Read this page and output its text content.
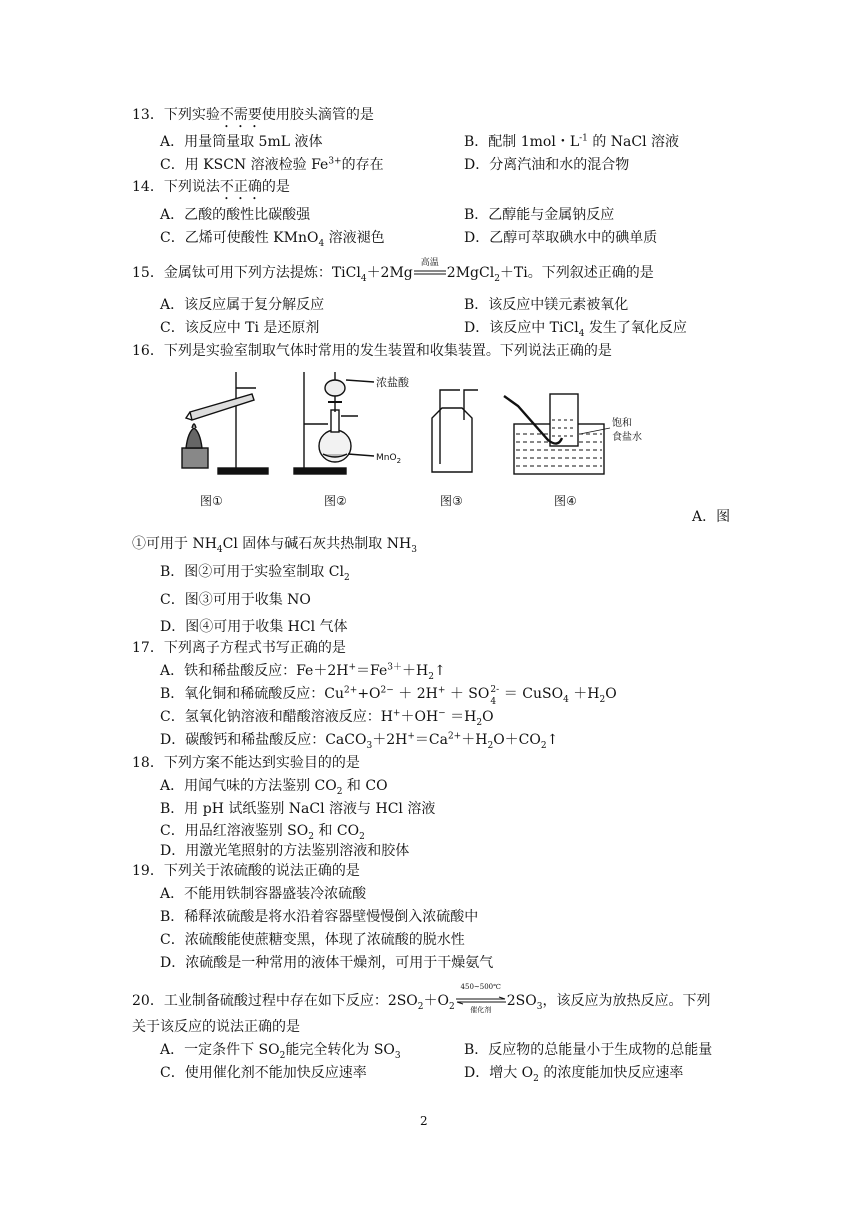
13．下列实验不需要使用胶头滴管的是
A．用量筒量取 5mL 液体	B．配制 1mol・$L^{-1}$ 的 NaCl 溶液
C．用 KSCN 溶液检验 $Fe^{3+}$的存在	D．分离汽油和水的混合物
14．下列说法不正确的是
A．乙酸的酸性比碳酸强	B．乙醇能与金属钠反应
C．乙烯可使酸性 KMnO$_4$ 溶液褪色	D．乙醇可萃取碘水中的碘单质
15．金属钛可用下列方法提炼：TiCl$_4$＋2Mg
高温
2MgCl$_2$＋Ti。下列叙述正确的是
A．该反应属于复分解反应	B．该反应中镁元素被氧化
C．该反应中 Ti 是还原剂	D．该反应中 TiCl$_4$ 发生了氧化反应
16．下列是实验室制取气体时常用的发生装置和收集装置。下列说法正确的是
浓盐酸
MnO$_2$
饱和
食盐水
图①	图②	图③	图④
A．图
①可用于 $NH_4Cl$ 固体与碱石灰共热制取 $NH_3$
B．图②可用于实验室制取 $Cl_2$
C．图③可用于收集 NO
D．图④可用于收集 HCl 气体
17．下列离子方程式书写正确的是
A．铁和稀盐酸反应：$Fe+2H^+=Fe^{3+}+H_2↑$
B．氧化铜和稀硫酸反应：$Cu^{2+}+O^{2-} + 2H^+$ ＋ SO 2-
4 ＝ CuSO$_4$ $+H_2O$
C．氢氧化钠溶液和醋酸溶液反应：$H^++OH^- =H_2O$
D．碳酸钙和稀盐酸反应：$CaCO_3+2H^+=Ca^{2+}+H_2O+CO_2↑$
18．下列方案不能达到实验目的的是
A．用闻气味的方法鉴别 $CO_2$ 和 CO
B．用 pH 试纸鉴别 NaCl 溶液与 HCl 溶液
C．用品红溶液鉴别 $SO_2$ 和 $CO_2$
D．用激光笔照射的方法鉴别溶液和胶体
19．下列关于浓硫酸的说法正确的是
A．不能用铁制容器盛装冷浓硫酸
B．稀释浓硫酸是将水沿着容器壁慢慢倒入浓硫酸中
C．浓硫酸能使蔗糖变黑，体现了浓硫酸的脱水性
D．浓硫酸是一种常用的液体干燥剂，可用于干燥氨气
20．工业制备硫酸过程中存在如下反应：$2SO_2+O_2$
450~500℃
催化剂
$2SO_3$，该反应为放热反应。下列
关于该反应的说法正确的是
A．一定条件下 $SO_2$能完全转化为 $SO_3$	B．反应物的总能量小于生成物的总能量
C．使用催化剂不能加快反应速率	D．增大 $O_2$ 的浓度能加快反应速率
2
